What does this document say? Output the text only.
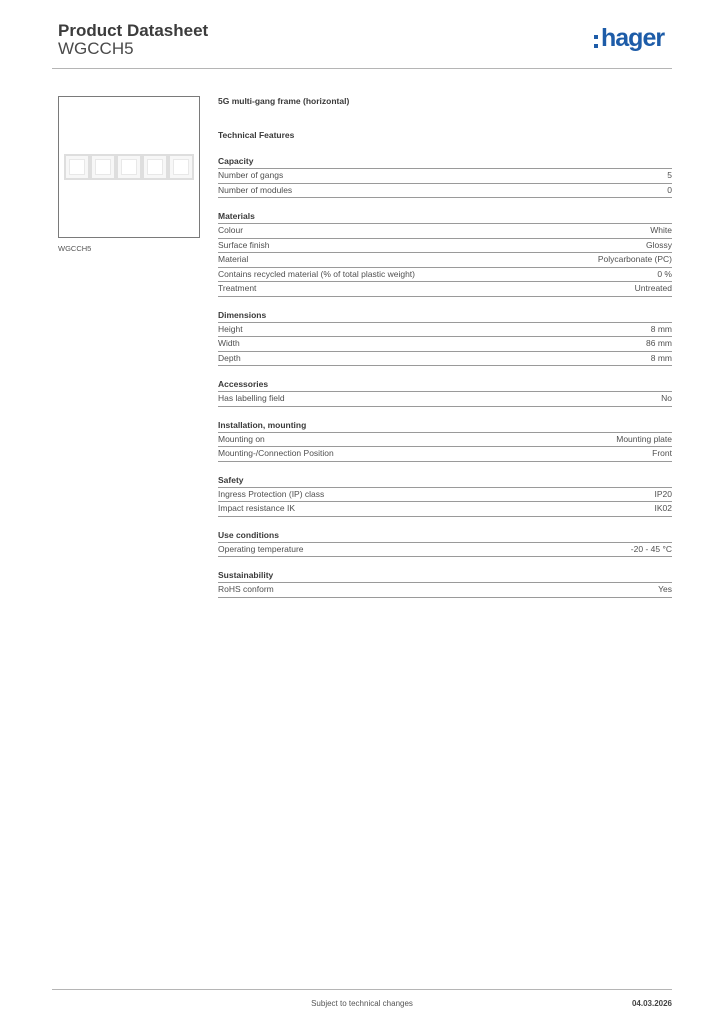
Product Datasheet
WGCCH5	hager
WGCCH5
5G multi-gang frame (horizontal)
Technical Features
Capacity
Number of gangs	5
Number of modules	0
Materials
Colour	White
Surface finish	Glossy
Material	Polycarbonate (PC)
Contains recycled material (% of total plastic weight)	0 %
Treatment	Untreated
Dimensions
Height	8 mm
Width	86 mm
Depth	8 mm
Accessories
Has labelling field	No
Installation, mounting
Mounting on	Mounting plate
Mounting-/Connection Position	Front
Safety
Ingress Protection (IP) class	IP20
Impact resistance IK	IK02
Use conditions
Operating temperature	-20 - 45 °C
Sustainability
RoHS conform	Yes
Subject to technical changes	04.03.2026
